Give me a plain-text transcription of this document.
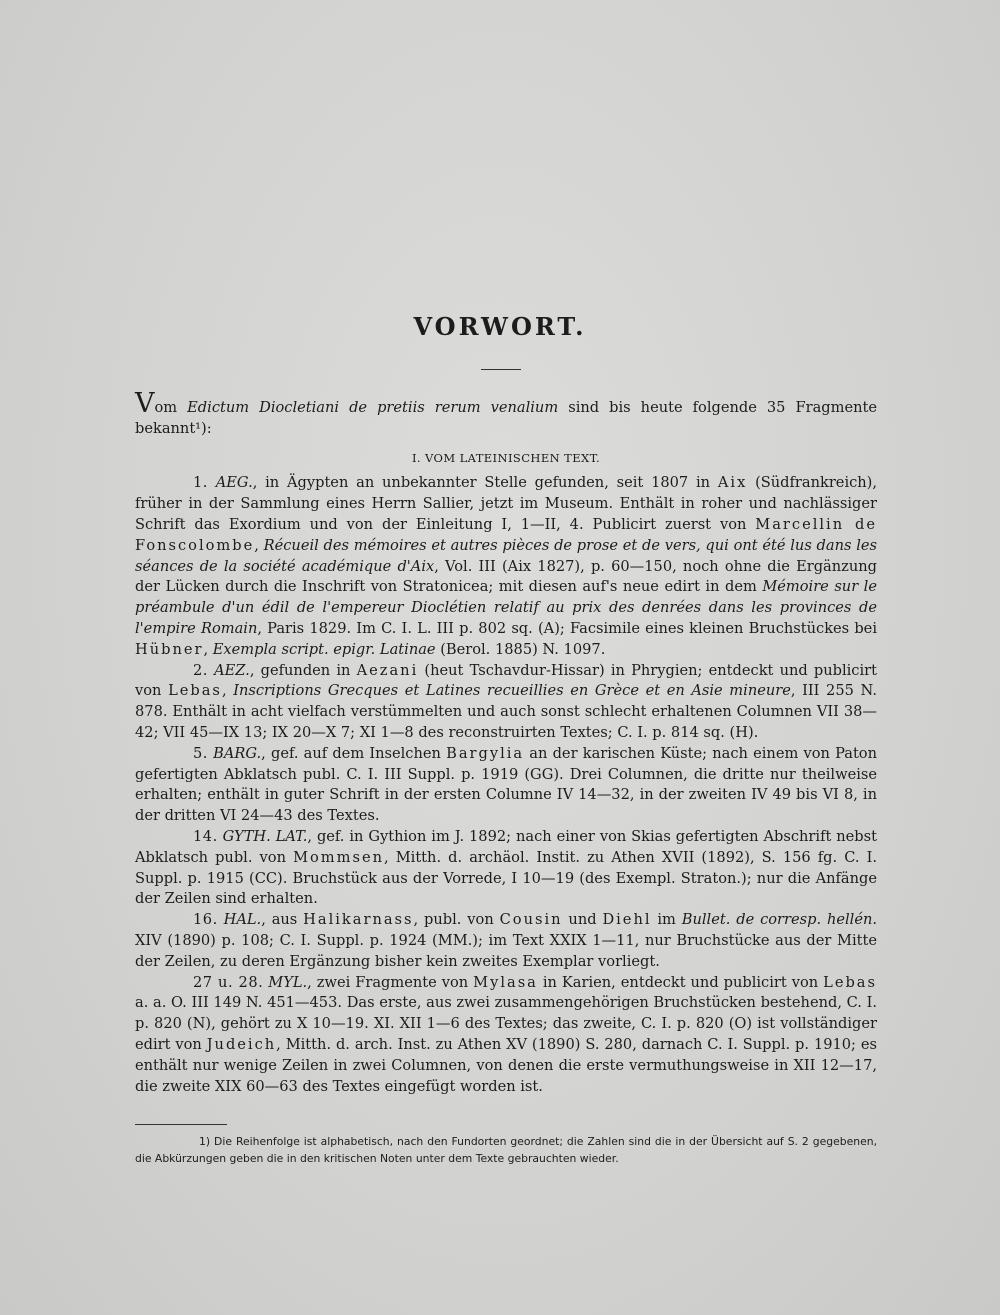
VORWORT.

Vom Edictum Diocletiani de pretiis rerum venalium sind bis heute folgende 35 Fragmente bekannt¹):

I. VOM LATEINISCHEN TEXT.

1. AEG., in Ägypten an unbekannter Stelle gefunden, seit 1807 in Aix (Südfrankreich), früher in der Sammlung eines Herrn Sallier, jetzt im Museum. Enthält in roher und nachlässiger Schrift das Exordium und von der Einleitung I, 1—II, 4. Publicirt zuerst von Marcellin de Fonscolombe, Récueil des mémoires et autres pièces de prose et de vers, qui ont été lus dans les séances de la société académique d'Aix, Vol. III (Aix 1827), p. 60—150, noch ohne die Ergänzung der Lücken durch die Inschrift von Stratonicea; mit diesen auf's neue edirt in dem Mémoire sur le préambule d'un édil de l'empereur Dioclétien relatif au prix des denrées dans les provinces de l'empire Romain, Paris 1829. Im C. I. L. III p. 802 sq. (A); Facsimile eines kleinen Bruchstückes bei Hübner, Exempla script. epigr. Latinae (Berol. 1885) N. 1097.

2. AEZ., gefunden in Aezani (heut Tschavdur-Hissar) in Phrygien; entdeckt und publicirt von Lebas, Inscriptions Grecques et Latines recueillies en Grèce et en Asie mineure, III 255 N. 878. Enthält in acht vielfach verstümmelten und auch sonst schlecht erhaltenen Columnen VII 38—42; VII 45—IX 13; IX 20—X 7; XI 1—8 des reconstruirten Textes; C. I. p. 814 sq. (H).

5. BARG., gef. auf dem Inselchen Bargylia an der karischen Küste; nach einem von Paton gefertigten Abklatsch publ. C. I. III Suppl. p. 1919 (GG). Drei Columnen, die dritte nur theilweise erhalten; enthält in guter Schrift in der ersten Columne IV 14—32, in der zweiten IV 49 bis VI 8, in der dritten VI 24—43 des Textes.

14. GYTH. LAT., gef. in Gythion im J. 1892; nach einer von Skias gefertigten Abschrift nebst Abklatsch publ. von Mommsen, Mitth. d. archäol. Instit. zu Athen XVII (1892), S. 156 fg. C. I. Suppl. p. 1915 (CC). Bruchstück aus der Vorrede, I 10—19 (des Exempl. Straton.); nur die Anfänge der Zeilen sind erhalten.

16. HAL., aus Halikarnass, publ. von Cousin und Diehl im Bullet. de corresp. hellén. XIV (1890) p. 108; C. I. Suppl. p. 1924 (MM.); im Text XXIX 1—11, nur Bruchstücke aus der Mitte der Zeilen, zu deren Ergänzung bisher kein zweites Exemplar vorliegt.

27 u. 28. MYL., zwei Fragmente von Mylasa in Karien, entdeckt und publicirt von Lebas a. a. O. III 149 N. 451—453. Das erste, aus zwei zusammengehörigen Bruchstücken bestehend, C. I. p. 820 (N), gehört zu X 10—19. XI. XII 1—6 des Textes; das zweite, C. I. p. 820 (O) ist vollständiger edirt von Judeich, Mitth. d. arch. Inst. zu Athen XV (1890) S. 280, darnach C. I. Suppl. p. 1910; es enthält nur wenige Zeilen in zwei Columnen, von denen die erste vermuthungsweise in XII 12—17, die zweite XIX 60—63 des Textes eingefügt worden ist.

1) Die Reihenfolge ist alphabetisch, nach den Fundorten geordnet; die Zahlen sind die in der Übersicht auf S. 2 gegebenen, die Abkürzungen geben die in den kritischen Noten unter dem Texte gebrauchten wieder.
